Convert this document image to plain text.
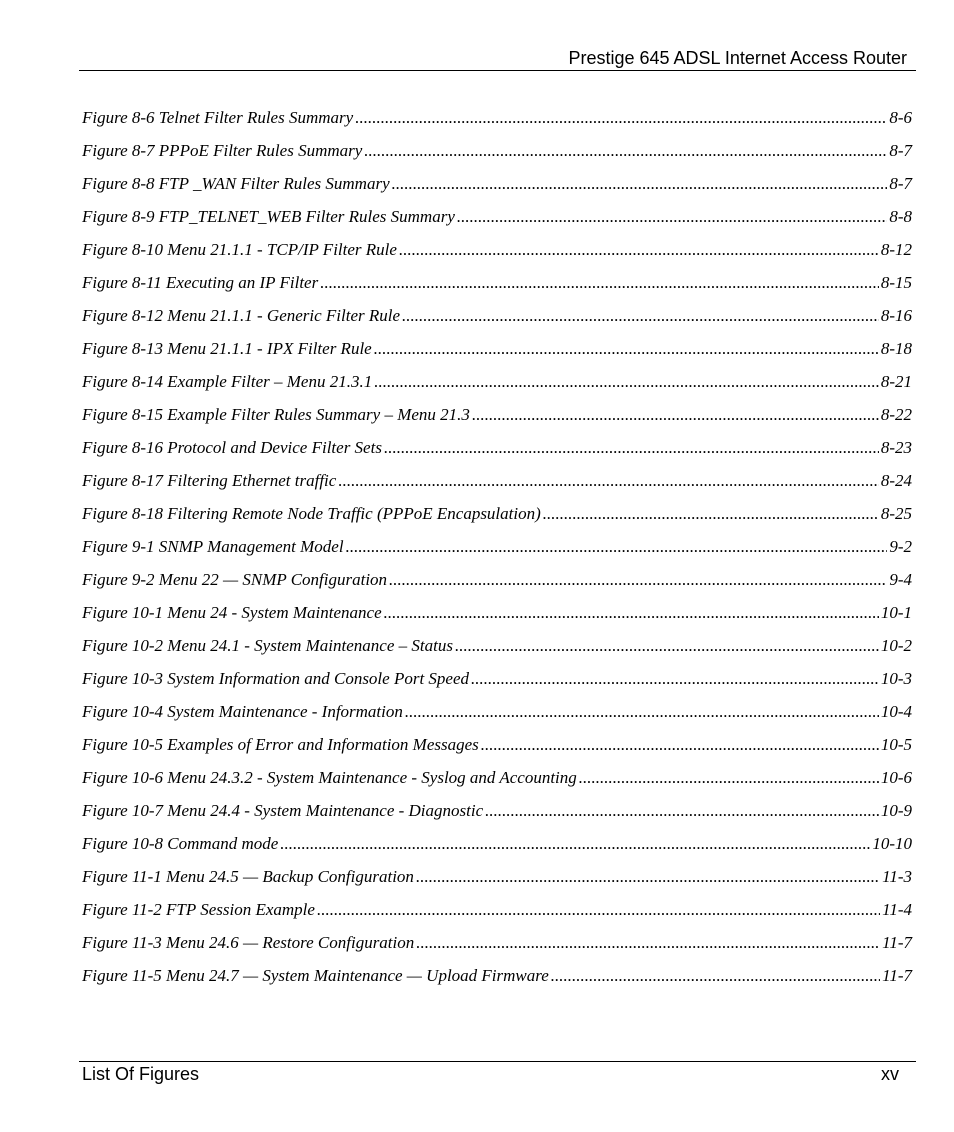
Prestige 645 ADSL Internet Access Router
Figure 8-6 Telnet Filter Rules Summary .....	8-6
Figure 8-7 PPPoE Filter Rules Summary .....	8-7
Figure 8-8 FTP _WAN Filter Rules Summary .....	8-7
Figure 8-9 FTP_TELNET_WEB Filter Rules Summary .....	8-8
Figure 8-10 Menu 21.1.1 - TCP/IP Filter Rule .....	8-12
Figure 8-11 Executing an IP Filter .....	8-15
Figure 8-12 Menu 21.1.1 - Generic Filter Rule .....	8-16
Figure 8-13 Menu 21.1.1 - IPX Filter Rule .....	8-18
Figure 8-14 Example Filter – Menu 21.3.1 .....	8-21
Figure 8-15 Example Filter Rules Summary – Menu 21.3 .....	8-22
Figure 8-16 Protocol and Device Filter Sets .....	8-23
Figure 8-17 Filtering Ethernet traffic .....	8-24
Figure 8-18 Filtering Remote Node Traffic (PPPoE Encapsulation) .....	8-25
Figure 9-1 SNMP Management Model .....	9-2
Figure 9-2 Menu 22 — SNMP Configuration .....	9-4
Figure 10-1 Menu 24 - System Maintenance .....	10-1
Figure 10-2 Menu 24.1 - System Maintenance – Status .....	10-2
Figure 10-3 System Information and Console Port Speed .....	10-3
Figure 10-4 System Maintenance - Information .....	10-4
Figure 10-5 Examples of Error and Information Messages .....	10-5
Figure 10-6 Menu 24.3.2 - System Maintenance - Syslog and Accounting .....	10-6
Figure 10-7 Menu 24.4 - System Maintenance - Diagnostic .....	10-9
Figure 10-8 Command mode .....	10-10
Figure 11-1 Menu 24.5 — Backup Configuration .....	11-3
Figure 11-2 FTP Session Example .....	11-4
Figure 11-3 Menu 24.6 — Restore Configuration .....	11-7
Figure 11-5 Menu 24.7 — System Maintenance — Upload Firmware .....	11-7
List Of Figures	xv
